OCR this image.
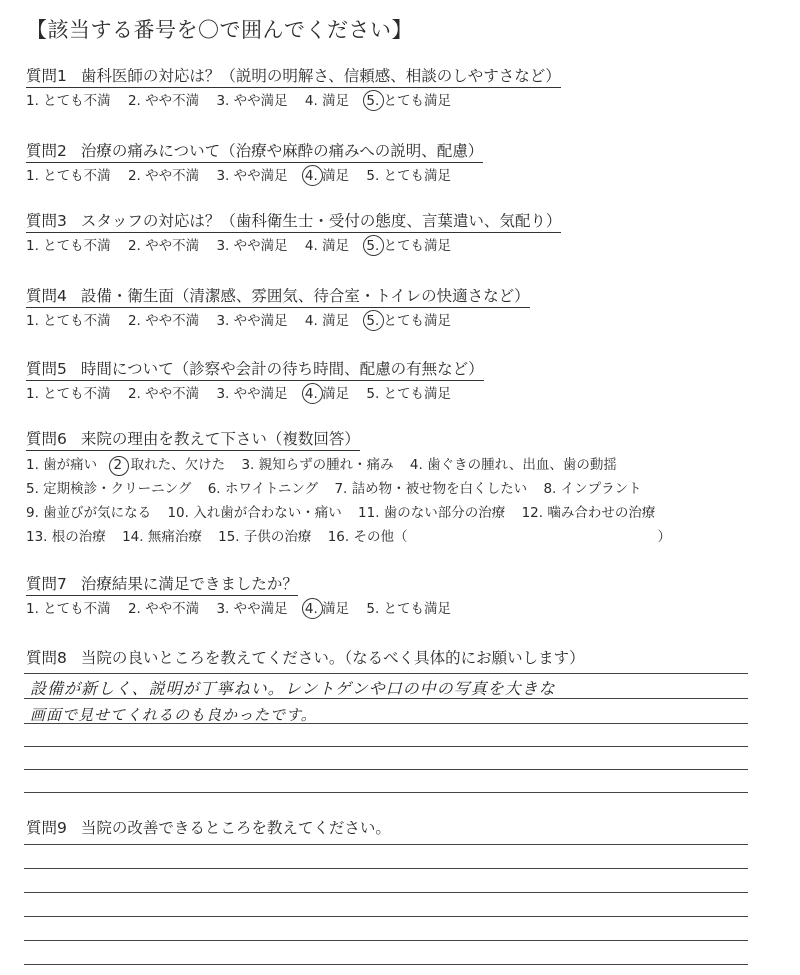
【該当する番号を〇で囲んでください】
質問1 歯科医師の対応は？（説明の明解さ、信頼感、相談のしやすさなど）
1. とても不満 2. やや不満 3. やや満足 4. 満足 5. とても満足
質問2 治療の痛みについて（治療や麻酔の痛みへの説明、配慮）
1. とても不満 2. やや不満 3. やや満足 4. 満足 5. とても満足
質問3 スタッフの対応は？（歯科衛生士・受付の態度、言葉遣い、気配り）
1. とても不満 2. やや不満 3. やや満足 4. 満足 5. とても満足
質問4 設備・衛生面（清潔感、雰囲気、待合室・トイレの快適さなど）
1. とても不満 2. やや不満 3. やや満足 4. 満足 5. とても満足
質問5 時間について（診察や会計の待ち時間、配慮の有無など）
1. とても不満 2. やや不満 3. やや満足 4. 満足 5. とても満足
質問6 来院の理由を教えて下さい（複数回答）
1. 歯が痛い 2 取れた、欠けた 3. 親知らずの腫れ・痛み 4. 歯ぐきの腫れ、出血、歯の動揺
5. 定期検診・クリーニング 6. ホワイトニング 7. 詰め物・被せ物を白くしたい 8. インプラント
9. 歯並びが気になる 10. 入れ歯が合わない・痛い 11. 歯のない部分の治療 12. 噛み合わせの治療
13. 根の治療 14. 無痛治療 15. 子供の治療 16. その他（	）
質問7 治療結果に満足できましたか？
1. とても不満 2. やや不満 3. やや満足 4. 満足 5. とても満足
質問8 当院の良いところを教えてください。（なるべく具体的にお願いします）
設備が新しく、説明が丁寧ねい。レントゲンや口の中の写真を大きな
画面で見せてくれるのも良かったです。
質問9 当院の改善できるところを教えてください。
